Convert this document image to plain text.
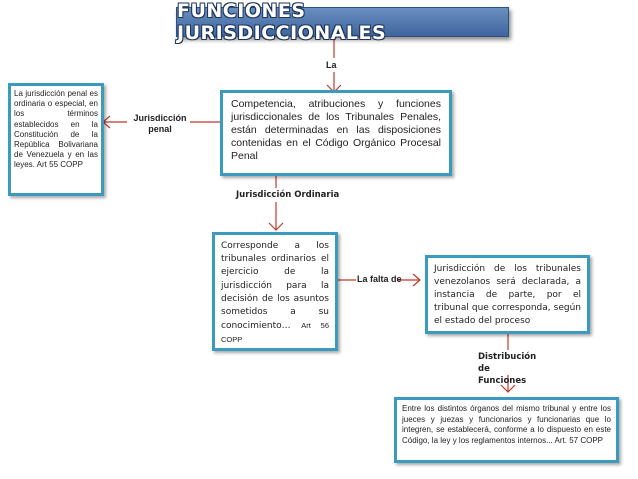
FUNCIONES JURISDICCIONALES
La
Jurisdicción penal
La jurisdicción penal es ordinaria o especial, en los términos establecidos en la Constitución de la República Bolivariana de Venezuela y en las leyes. Art 55 COPP
Competencia, atribuciones y funciones jurisdiccionales de los Tribunales Penales, están determinadas en las disposiciones contenidas en el Código Orgánico Procesal Penal
Jurisdicción Ordinaria
Corresponde a los tribunales ordinarios el ejercicio de la jurisdicción para la decisión de los asuntos sometidos a su conocimiento… Art 56 COPP
La falta de
Jurisdicción de los tribunales venezolanos será declarada, a instancia de parte, por el tribunal que corresponda, según el estado del proceso
Distribución de Funciones
Entre los distintos órganos del mismo tribunal y entre los jueces y juezas y funcionarios y funcionarias que lo integren, se establecerá, conforme a lo dispuesto en este Código, la ley y los reglamentos internos... Art. 57 COPP
